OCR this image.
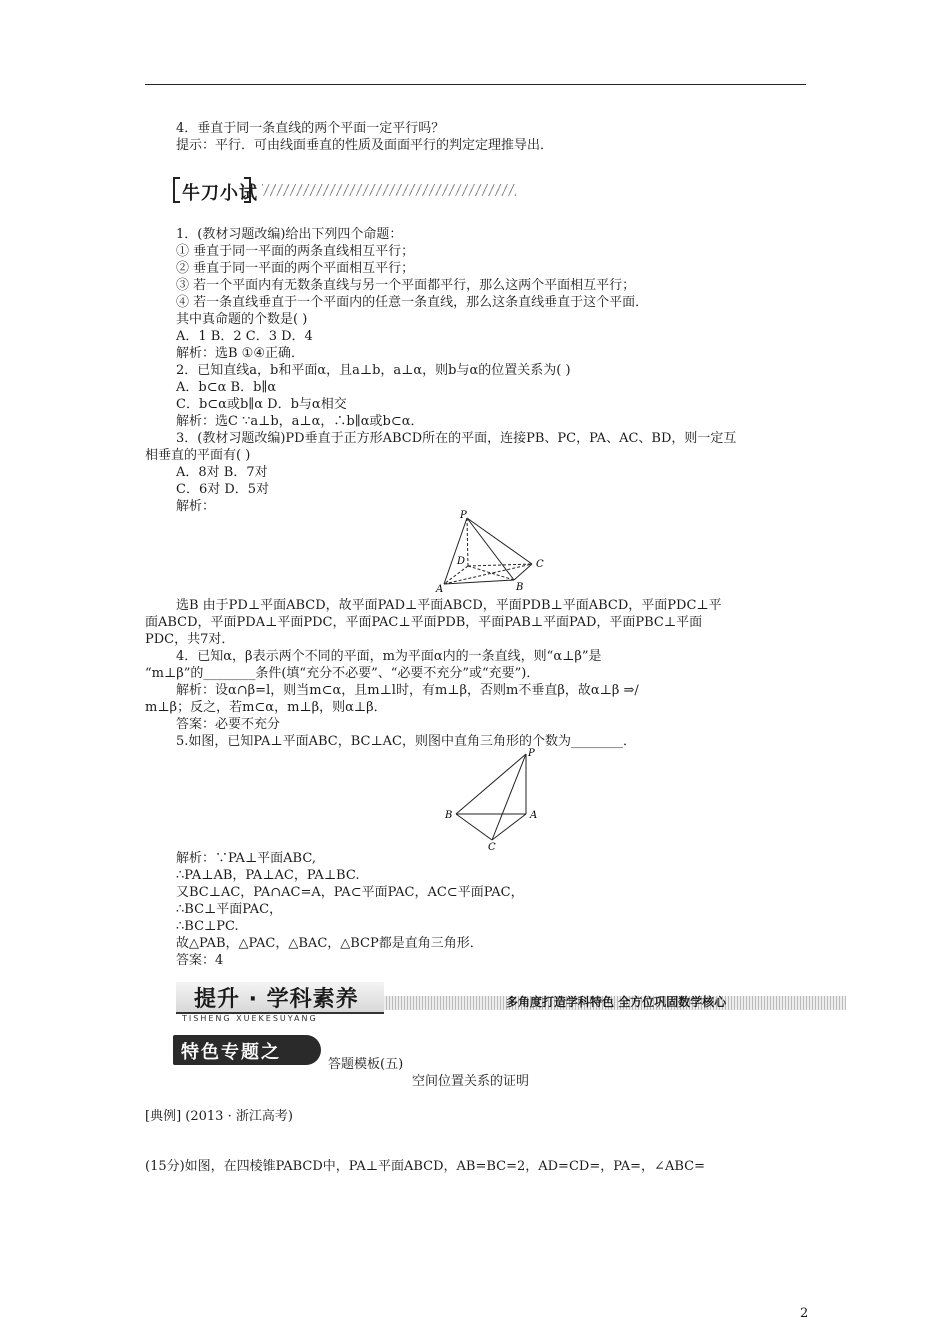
4．垂直于同一条直线的两个平面一定平行吗？
提示：平行．可由线面垂直的性质及面面平行的判定定理推导出．
牛刀小试
1．(教材习题改编)给出下列四个命题：
① 垂直于同一平面的两条直线相互平行；
② 垂直于同一平面的两个平面相互平行；
③ 若一个平面内有无数条直线与另一个平面都平行，那么这两个平面相互平行；
④ 若一条直线垂直于一个平面内的任意一条直线，那么这条直线垂直于这个平面．
其中真命题的个数是( )
A．1 B．2 C．3 D．4
解析：选B ①④正确．
2．已知直线a，b和平面α，且a⊥b，a⊥α，则b与α的位置关系为( )
A．b⊂α B．b∥α
C．b⊂α或b∥α D．b与α相交
解析：选C ∵a⊥b，a⊥α，∴b∥α或b⊂α．
3．(教材习题改编)PD垂直于正方形ABCD所在的平面，连接PB、PC，PA、AC、BD，则一定互
相垂直的平面有( )
A．8对 B．7对
C．6对 D．5对
解析：
P
D	C
A	B
选B 由于PD⊥平面ABCD，故平面PAD⊥平面ABCD，平面PDB⊥平面ABCD，平面PDC⊥平
面ABCD，平面PDA⊥平面PDC，平面PAC⊥平面PDB，平面PAB⊥平面PAD，平面PBC⊥平面
PDC，共7对．
4．已知α，β表示两个不同的平面，m为平面α内的一条直线，则“α⊥β”是
“m⊥β”的________条件(填“充分不必要”、“必要不充分”或“充要”)．
解析：设α∩β=l，则当m⊂α，且m⊥l时，有m⊥β，否则m不垂直β，故α⊥β ⇒/
m⊥β；反之，若m⊂α，m⊥β，则α⊥β．
答案：必要不充分
5.如图，已知PA⊥平面ABC，BC⊥AC，则图中直角三角形的个数为________．
P
B	A
C
解析：∵PA⊥平面ABC,
∴PA⊥AB，PA⊥AC，PA⊥BC.
又BC⊥AC，PA∩AC=A，PA⊂平面PAC，AC⊂平面PAC，
∴BC⊥平面PAC，
∴BC⊥PC.
故△PAB，△PAC，△BAC，△BCP都是直角三角形．
答案：4
提升 · 学科素养
TISHENG XUEKESUYANG
多角度打造学科特色 全方位巩固数学核心
特色专题之
答题模板(五)
空间位置关系的证明
[典例] (2013 · 浙江高考)
(15分)如图，在四棱锥PABCD中，PA⊥平面ABCD，AB=BC=2，AD=CD=，PA=，∠ABC=
2
